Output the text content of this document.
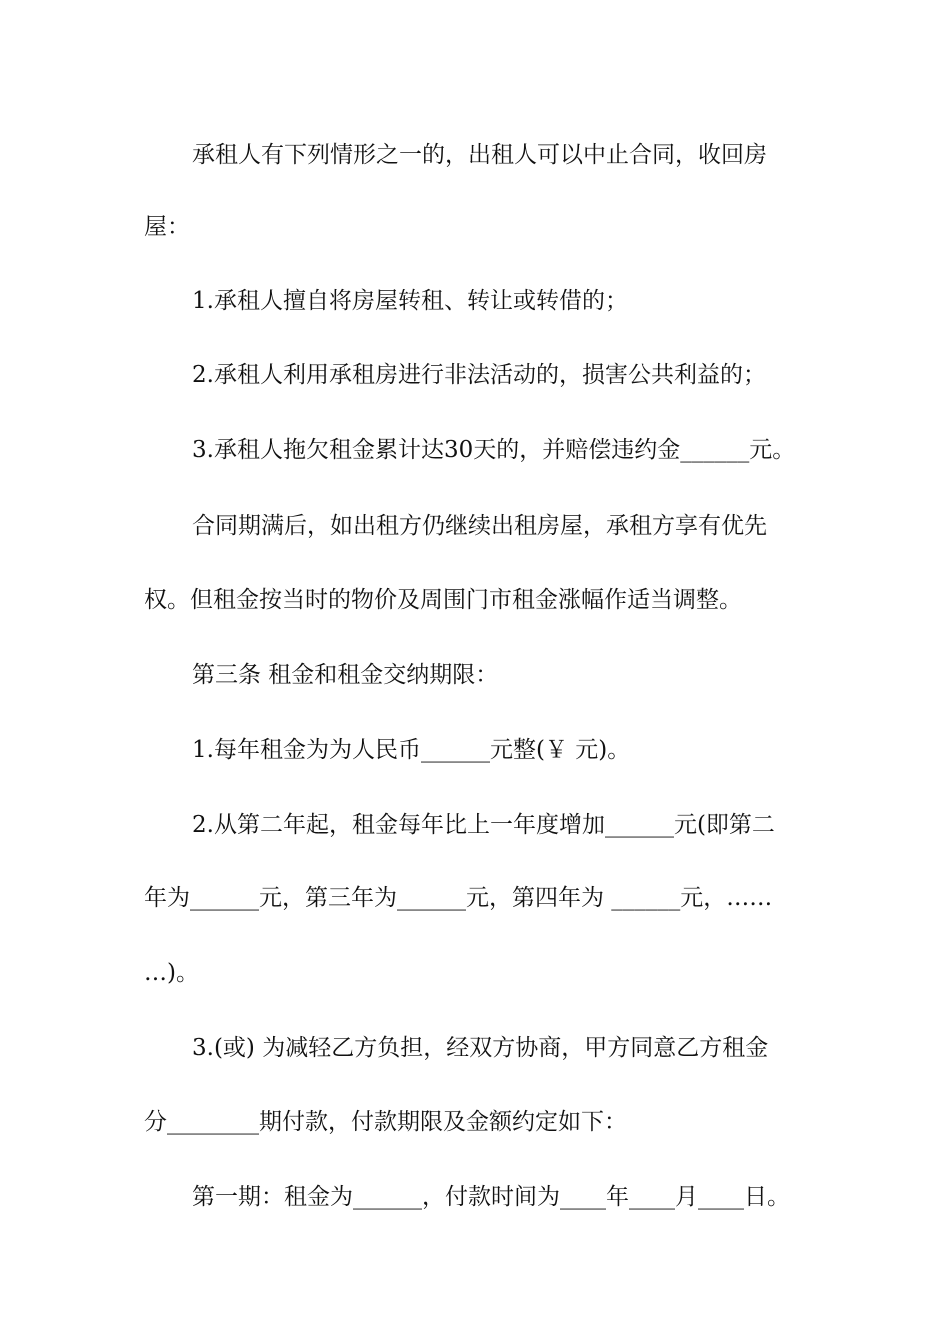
承租人有下列情形之一的，出租人可以中止合同，收回房

屋：

1.承租人擅自将房屋转租、转让或转借的；

2.承租人利用承租房进行非法活动的，损害公共利益的；

3.承租人拖欠租金累计达30天的，并赔偿违约金______元。

合同期满后，如出租方仍继续出租房屋，承租方享有优先

权。但租金按当时的物价及周围门市租金涨幅作适当调整。

第三条 租金和租金交纳期限：

1.每年租金为为人民币______元整(￥ 元)。

2.从第二年起，租金每年比上一年度增加______元(即第二

年为______元，第三年为______元，第四年为 ______元，……

…)。

3.(或) 为减轻乙方负担，经双方协商，甲方同意乙方租金

分________期付款，付款期限及金额约定如下：

第一期：租金为______，付款时间为____年____月____日。
